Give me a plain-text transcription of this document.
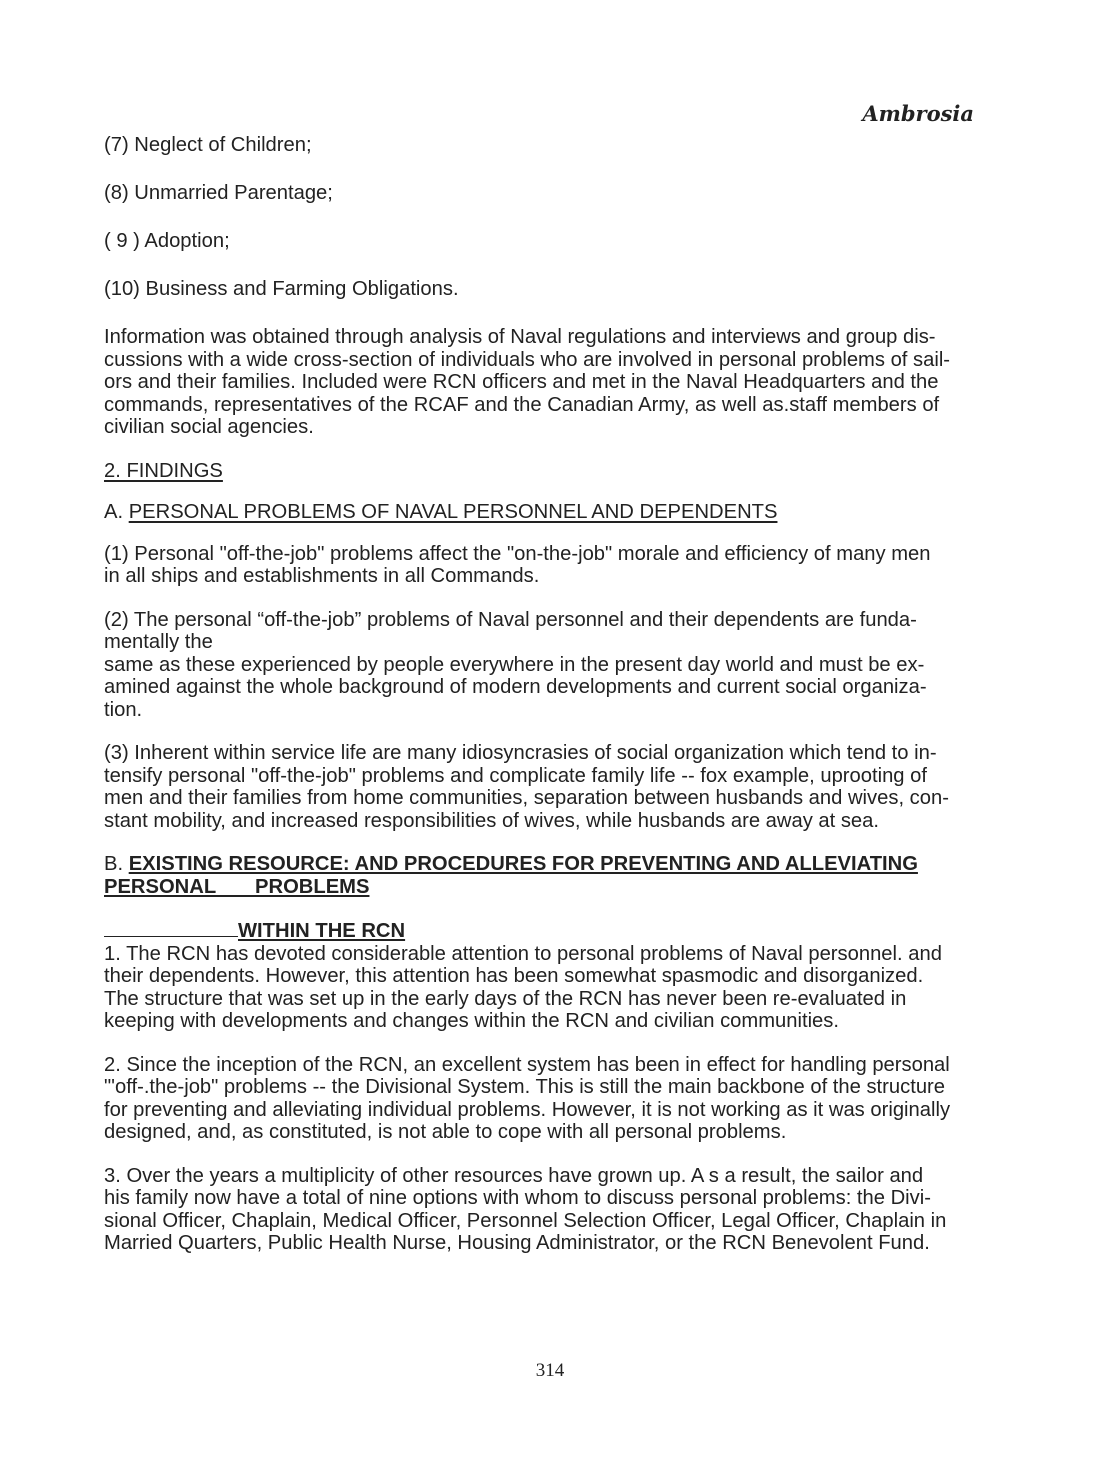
Ambrosia
(7) Neglect of Children;
(8) Unmarried Parentage;
( 9 ) Adoption;
(10) Business and Farming Obligations.
Information was obtained through analysis of Naval regulations and interviews and group dis-
cussions with a wide cross-section of individuals who are involved in personal problems of sail-
ors and their families. Included were RCN officers and met in the Naval Headquarters and the
commands, representatives of the RCAF and the Canadian Army, as well as.staff members of
civilian social agencies.
2. FINDINGS
A. PERSONAL PROBLEMS OF NAVAL PERSONNEL AND DEPENDENTS
(1) Personal "off-the-job" problems affect the "on-the-job" morale and efficiency of many men
in all ships and establishments in all Commands.
(2) The personal “off-the-job” problems of Naval personnel and their dependents are funda-
mentally the
same as these experienced by people everywhere in the present day world and must be ex-
amined against the whole background of modern developments and current social organiza-
tion.
(3) Inherent within service life are many idiosyncrasies of social organization which tend to in-
tensify personal "off-the-job" problems and complicate family life -- fox example, uprooting of
men and their families from home communities, separation between husbands and wives, con-
stant mobility, and increased responsibilities of wives, while husbands are away at sea.
B. EXISTING RESOURCE: AND PROCEDURES FOR PREVENTING AND ALLEVIATING
PERSONAL       PROBLEMS
WITHIN THE RCN
1. The RCN has devoted considerable attention to personal problems of Naval personnel. and
their dependents. However, this attention has been somewhat spasmodic and disorganized.
The structure that was set up in the early days of the RCN has never been re-evaluated in
keeping with developments and changes within the RCN and civilian communities.
2. Since the inception of the RCN, an excellent system has been in effect for handling personal
"'off-.the-job" problems -- the Divisional System. This is still the main backbone of the structure
for preventing and alleviating individual problems. However, it is not working as it was originally
designed, and, as constituted, is not able to cope with all personal problems.
3. Over the years a multiplicity of other resources have grown up. A s a result, the sailor and
his family now have a total of nine options with whom to discuss personal problems: the Divi-
sional Officer, Chaplain, Medical Officer, Personnel Selection Officer, Legal Officer, Chaplain in
Married Quarters, Public Health Nurse, Housing Administrator, or the RCN Benevolent Fund.
314
